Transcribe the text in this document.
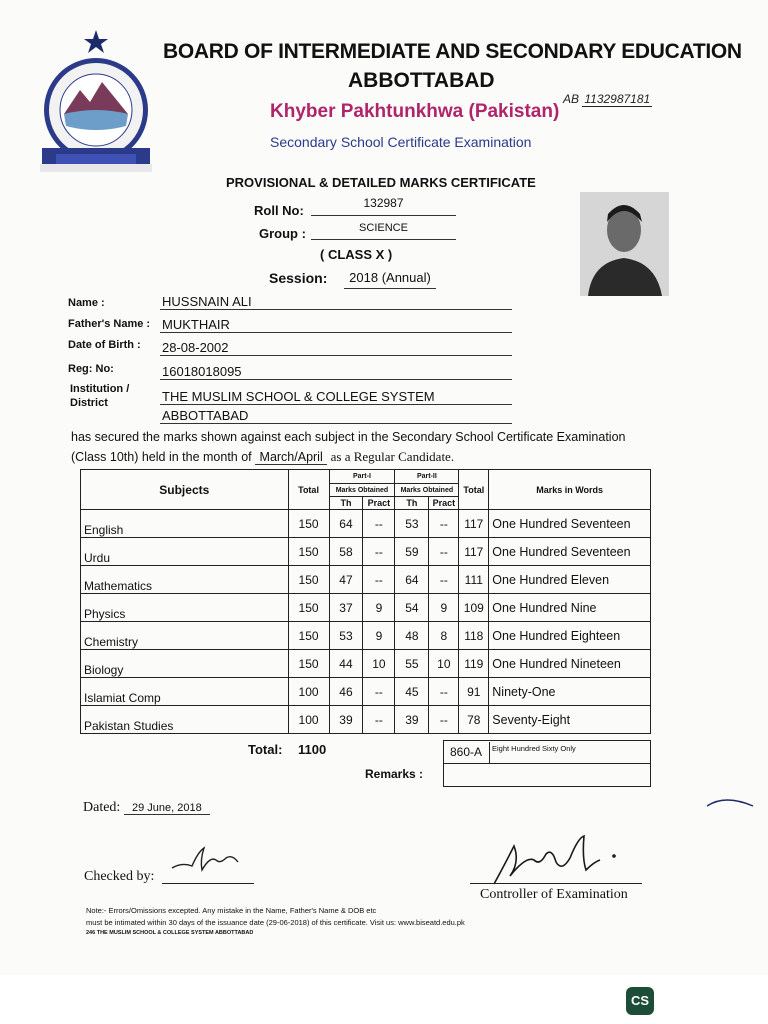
BOARD OF INTERMEDIATE AND SECONDARY EDUCATION
ABBOTTABAD
Khyber Pakhtunkhwa (Pakistan)
Secondary School Certificate Examination
AB 1132987181
PROVISIONAL & DETAILED MARKS CERTIFICATE
Roll No:	132987
Group :	SCIENCE
( CLASS X )
Session:	2018 (Annual)
Name :	HUSSNAIN ALI
Father's Name : MUKTHAIR
Date of Birth : 28-08-2002
Reg: No:	16018018095
Institution /
District	THE MUSLIM SCHOOL & COLLEGE SYSTEM
ABBOTTABAD
has secured the marks shown against each subject in the Secondary School Certificate Examination
(Class 10th) held in the month of March/April as a Regular Candidate.
Subjects	Total	Part-I		Part-II		Total	Marks in Words
		Marks Obtained		Marks Obtained			
		Th	Pract	Th	Pract		
English	150	64	--	53	--	117	One Hundred Seventeen
Urdu	150	58	--	59	--	117	One Hundred Seventeen
Mathematics	150	47	--	64	--	111	One Hundred Eleven
Physics	150	37	9	54	9	109	One Hundred Nine
Chemistry	150	53	9	48	8	118	One Hundred Eighteen
Biology	150	44	10	55	10	119	One Hundred Nineteen
Islamiat Comp	100	46	--	45	--	91	Ninety-One
Pakistan Studies	100	39	--	39	--	78	Seventy-Eight
Total: 1100	860-A Eight Hundred Sixty Only
Remarks :
Dated: 29 June, 2018
Checked by:
Controller of Examination
Note:- Errors/Omissions excepted. Any mistake in the Name, Father's Name & DOB etc
must be intimated within 30 days of the issuance date (29-06-2018) of this certificate. Visit us: www.biseatd.edu.pk
246 THE MUSLIM SCHOOL & COLLEGE SYSTEM ABBOTTABAD
CS
